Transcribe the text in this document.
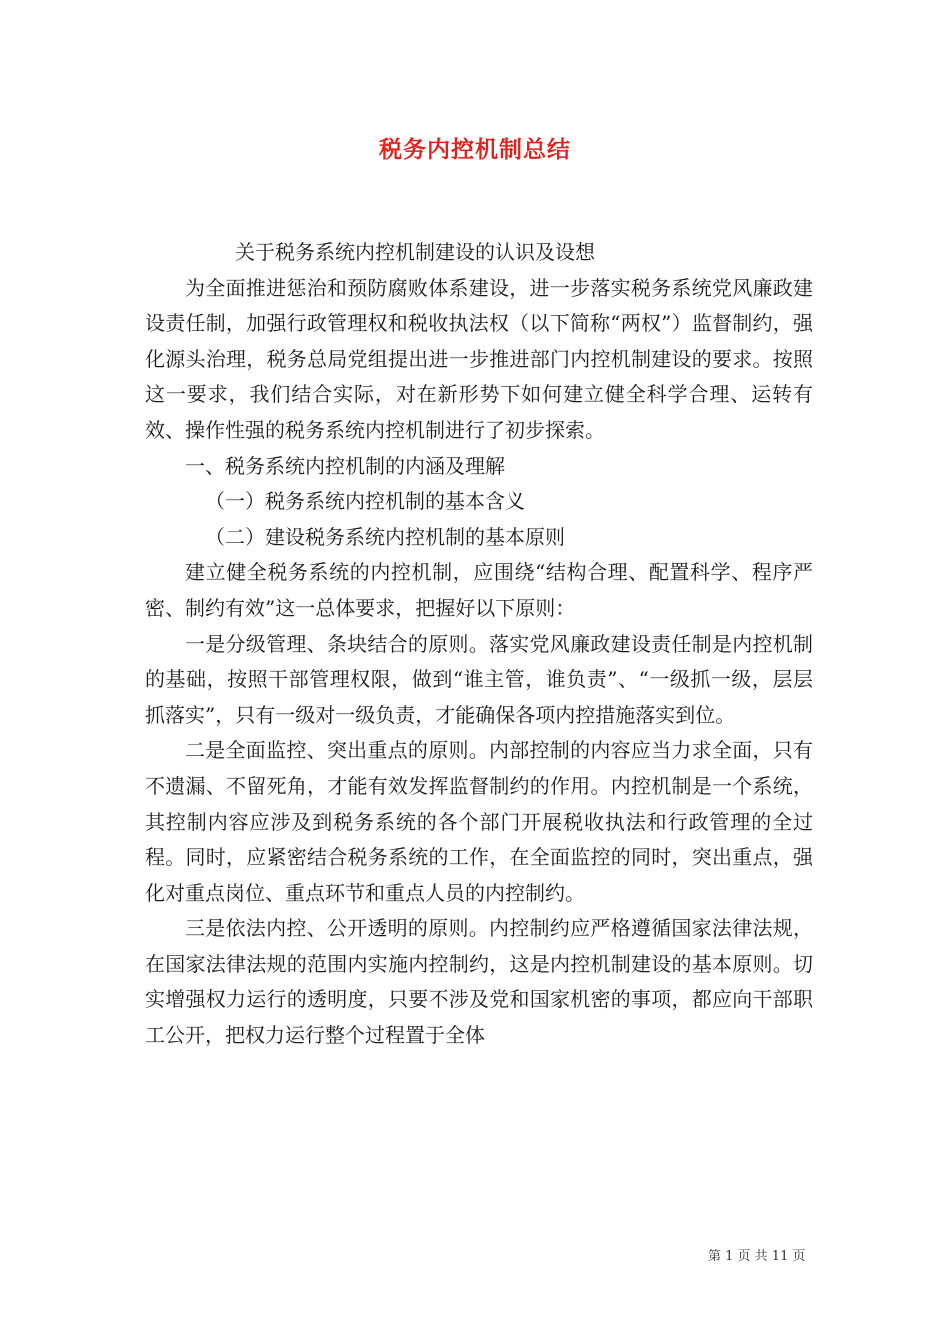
税务内控机制总结

关于税务系统内控机制建设的认识及设想

为全面推进惩治和预防腐败体系建设，进一步落实税务系统党风廉政建设责任制，加强行政管理权和税收执法权（以下简称“两权”）监督制约，强化源头治理，税务总局党组提出进一步推进部门内控机制建设的要求。按照这一要求，我们结合实际，对在新形势下如何建立健全科学合理、运转有效、操作性强的税务系统内控机制进行了初步探索。

一、税务系统内控机制的内涵及理解

（一）税务系统内控机制的基本含义

（二）建设税务系统内控机制的基本原则

建立健全税务系统的内控机制，应围绕“结构合理、配置科学、程序严密、制约有效”这一总体要求，把握好以下原则：

一是分级管理、条块结合的原则。落实党风廉政建设责任制是内控机制的基础，按照干部管理权限，做到“谁主管，谁负责”、“一级抓一级，层层抓落实”，只有一级对一级负责，才能确保各项内控措施落实到位。

二是全面监控、突出重点的原则。内部控制的内容应当力求全面，只有不遗漏、不留死角，才能有效发挥监督制约的作用。内控机制是一个系统，其控制内容应涉及到税务系统的各个部门开展税收执法和行政管理的全过程。同时，应紧密结合税务系统的工作，在全面监控的同时，突出重点，强化对重点岗位、重点环节和重点人员的内控制约。

三是依法内控、公开透明的原则。内控制约应严格遵循国家法律法规，在国家法律法规的范围内实施内控制约，这是内控机制建设的基本原则。切实增强权力运行的透明度，只要不涉及党和国家机密的事项，都应向干部职工公开，把权力运行整个过程置于全体

第 1 页 共 11 页
